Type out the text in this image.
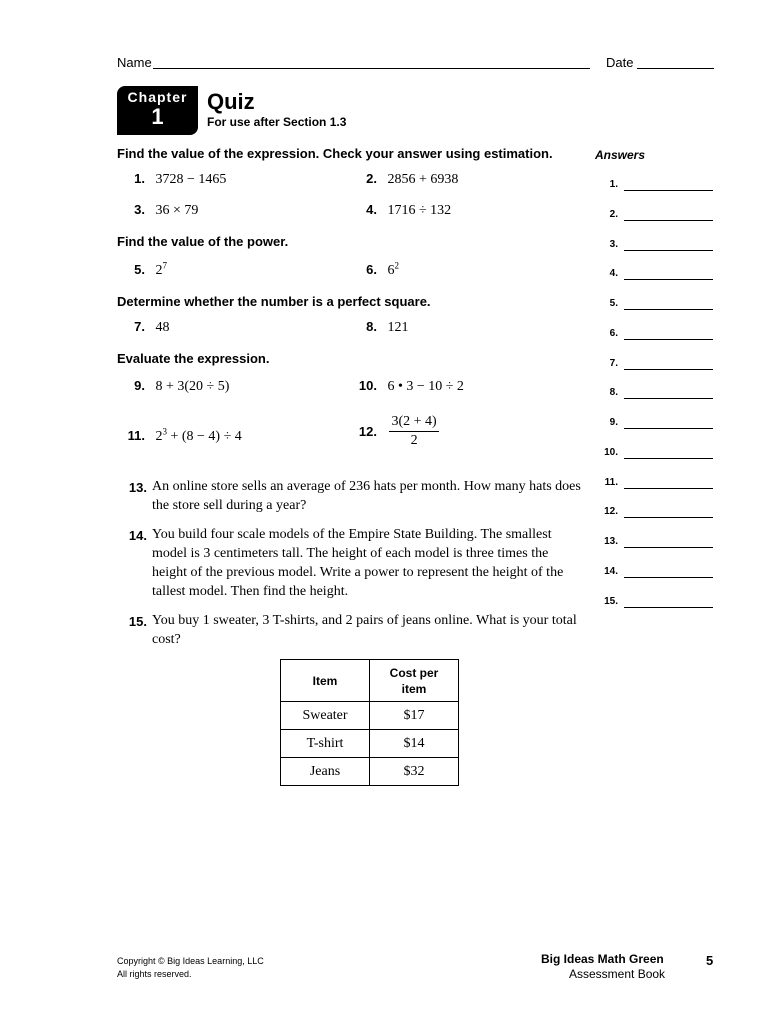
Name	Date
Chapter
1
Quiz
For use after Section 1.3
Find the value of the expression. Check your answer using estimation.
1. 3728 − 1465	2. 2856 + 6938
3. 36 × 79	4. 1716 ÷ 132
Find the value of the power.
5. $2^7$	6. $6^2$
Determine whether the number is a perfect square.
7. 48	8. 121
Evaluate the expression.
9. 8 + 3(20 ÷ 5)	10. 6 • 3 − 10 ÷ 2
11. $2^3 + (8 - 4) \div 4$	12. $\frac{3(2 + 4)}{2}$
13. An online store sells an average of 236 hats per month. How many hats does the store sell during a year?
14. You build four scale models of the Empire State Building. The smallest model is 3 centimeters tall. The height of each model is three times the height of the previous model. Write a power to represent the height of the tallest model. Then find the height.
15. You buy 1 sweater, 3 T-shirts, and 2 pairs of jeans online. What is your total cost?
Item	Cost per item
Sweater	$17
T-shirt	$14
Jeans	$32
Answers
1.
2.
3.
4.
5.
6.
7.
8.
9.
10.
11.
12.
13.
14.
15.
Copyright © Big Ideas Learning, LLC
All rights reserved.
Big Ideas Math Green
Assessment Book
5
